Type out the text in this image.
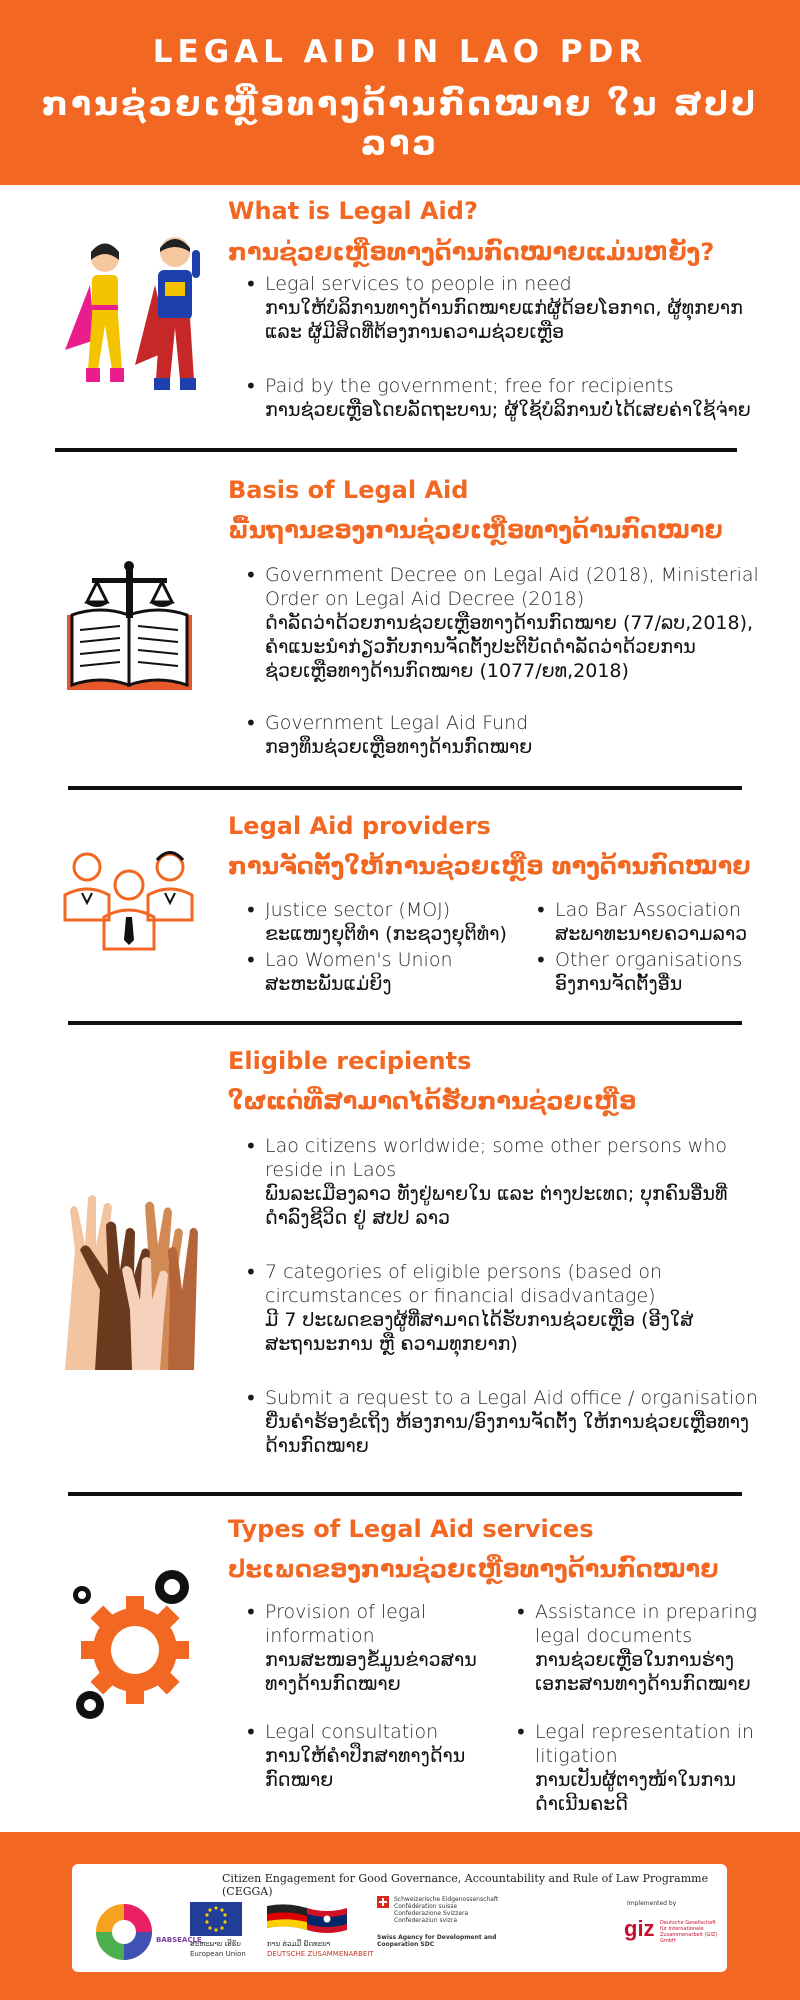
LEGAL AID IN LAO PDR
ການຊ່ວຍເຫຼືອທາງດ້ານກົດໝາຍ ໃນ ສປປ ລາວ
What is Legal Aid?
ການຊ່ວຍເຫຼືອທາງດ້ານກົດໝາຍແມ່ນຫຍັງ?
• Legal services to people in need
ການໃຫ້ບໍລິການທາງດ້ານກົດໝາຍແກ່ຜູ້ດ້ອຍໂອກາດ, ຜູ້ທຸກຍາກ ແລະ ຜູ້ມີສິດທີ່ຕ້ອງການຄວາມຊ່ວຍເຫຼືອ
• Paid by the government; free for recipients
ການຊ່ວຍເຫຼືອໂດຍລັດຖະບານ; ຜູ້ໃຊ້ບໍລິການບໍ່ໄດ້ເສຍຄ່າໃຊ້ຈ່າຍ
Basis of Legal Aid
ພື້ນຖານຂອງການຊ່ວຍເຫຼືອທາງດ້ານກົດໝາຍ
• Government Decree on Legal Aid (2018), Ministerial Order on Legal Aid Decree (2018)
ດຳລັດວ່າດ້ວຍການຊ່ວຍເຫຼືອທາງດ້ານກົດໝາຍ (77/ລບ,2018), ຄຳແນະນຳກ່ຽວກັບການຈັດຕັ້ງປະຕິບັດດຳລັດວ່າດ້ວຍການຊ່ວຍເຫຼືອທາງດ້ານກົດໝາຍ (1077/ຍທ,2018)
• Government Legal Aid Fund
ກອງທຶນຊ່ວຍເຫຼືອທາງດ້ານກົດໝາຍ
Legal Aid providers
ການຈັດຕັ້ງໃຫ້ການຊ່ວຍເຫຼືອ ທາງດ້ານກົດໝາຍ
• Justice sector (MOJ)
ຂະແໜງຍຸຕິທຳ (ກະຊວງຍຸຕິທຳ)
• Lao Women's Union
ສະຫະພັນແມ່ຍິງ
• Lao Bar Association
ສະພາທະນາຍຄວາມລາວ
• Other organisations
ອົງການຈັດຕັ້ງອື່ນ
Eligible recipients
ໃຜແດ່ທີ່ສາມາດໄດ້ຮັບການຊ່ວຍເຫຼືອ
• Lao citizens worldwide; some other persons who reside in Laos
ພົນລະເມືອງລາວ ທັງຢູ່ພາຍໃນ ແລະ ຕ່າງປະເທດ; ບຸກຄົນອື່ນທີ່ດຳລົງຊີວິດ ຢູ່ ສປປ ລາວ
• 7 categories of eligible persons (based on circumstances or financial disadvantage)
ມີ 7 ປະເພດຂອງຜູ້ທີ່ສາມາດໄດ້ຮັບການຊ່ວຍເຫຼືອ (ອີງໃສ່ສະຖານະການ ຫຼື ຄວາມທຸກຍາກ)
• Submit a request to a Legal Aid office / organisation
ຍື່ນຄຳຮ້ອງຂໍເຖິງ ຫ້ອງການ/ອົງການຈັດຕັ້ງ ໃຫ້ການຊ່ວຍເຫຼືອທາງດ້ານກົດໝາຍ
Types of Legal Aid services
ປະເພດຂອງການຊ່ວຍເຫຼືອທາງດ້ານກົດໝາຍ
• Provision of legal information
ການສະໜອງຂໍ້ມູນຂ່າວສານທາງດ້ານກົດໝາຍ
• Legal consultation
ການໃຫ້ຄຳປຶກສາທາງດ້ານກົດໝາຍ
• Assistance in preparing legal documents
ການຊ່ວຍເຫຼືອໃນການຮ່າງເອກະສານທາງດ້ານກົດໝາຍ
• Legal representation in litigation
ການເປັນຜູ້ຕາງໜ້າໃນການດຳເນີນຄະດີ
Citizen Engagement for Good Governance, Accountability and Rule of Law Programme (CEGGA)
BABSEACLE
ສະຫະພາບ ເອີຣົບ
European Union
ການ ຮ່ວມມື ພັດທະນາ
DEUTSCHE ZUSAMMENARBEIT
Schweizerische Eidgenossenschaft
Confédération suisse
Confederazione Svizzera
Confederaziun svizra
Swiss Agency for Development and Cooperation SDC
Implemented by
giz Deutsche Gesellschaft für Internationale Zusammenarbeit (GIZ) GmbH
